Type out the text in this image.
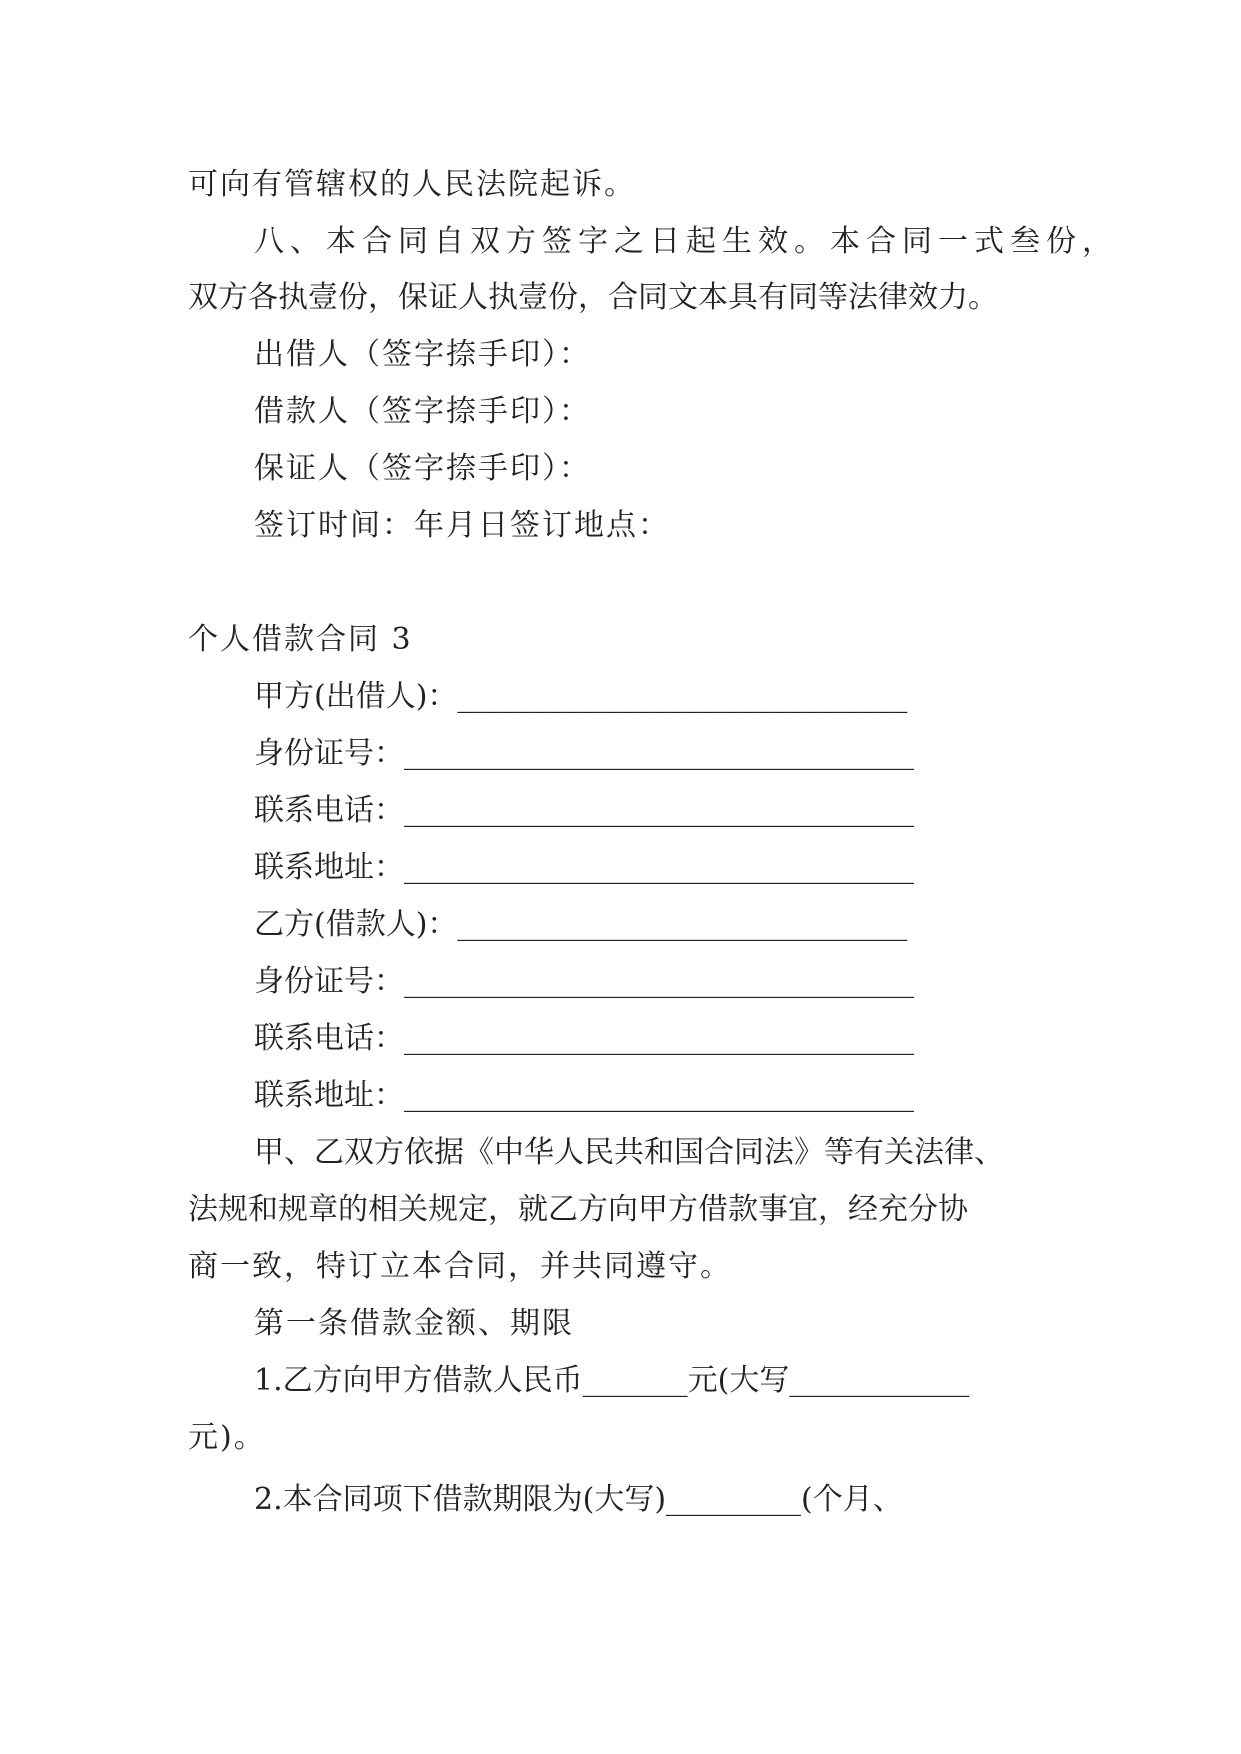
可向有管辖权的人民法院起诉。
八、本合同自双方签字之日起生效。本合同一式叁份，
双方各执壹份，保证人执壹份，合同文本具有同等法律效力。
出借人（签字捺手印）：
借款人（签字捺手印）：
保证人（签字捺手印）：
签订时间：年月日签订地点：
个人借款合同 3
甲方(出借人)：______________________________
身份证号：__________________________________
联系电话：__________________________________
联系地址：__________________________________
乙方(借款人)：______________________________
身份证号：__________________________________
联系电话：__________________________________
联系地址：__________________________________
甲、乙双方依据《中华人民共和国合同法》等有关法律、
法规和规章的相关规定，就乙方向甲方借款事宜，经充分协
商一致，特订立本合同，并共同遵守。
第一条借款金额、期限
1.乙方向甲方借款人民币_______元(大写____________
元)。
2.本合同项下借款期限为(大写)_________(个月、
